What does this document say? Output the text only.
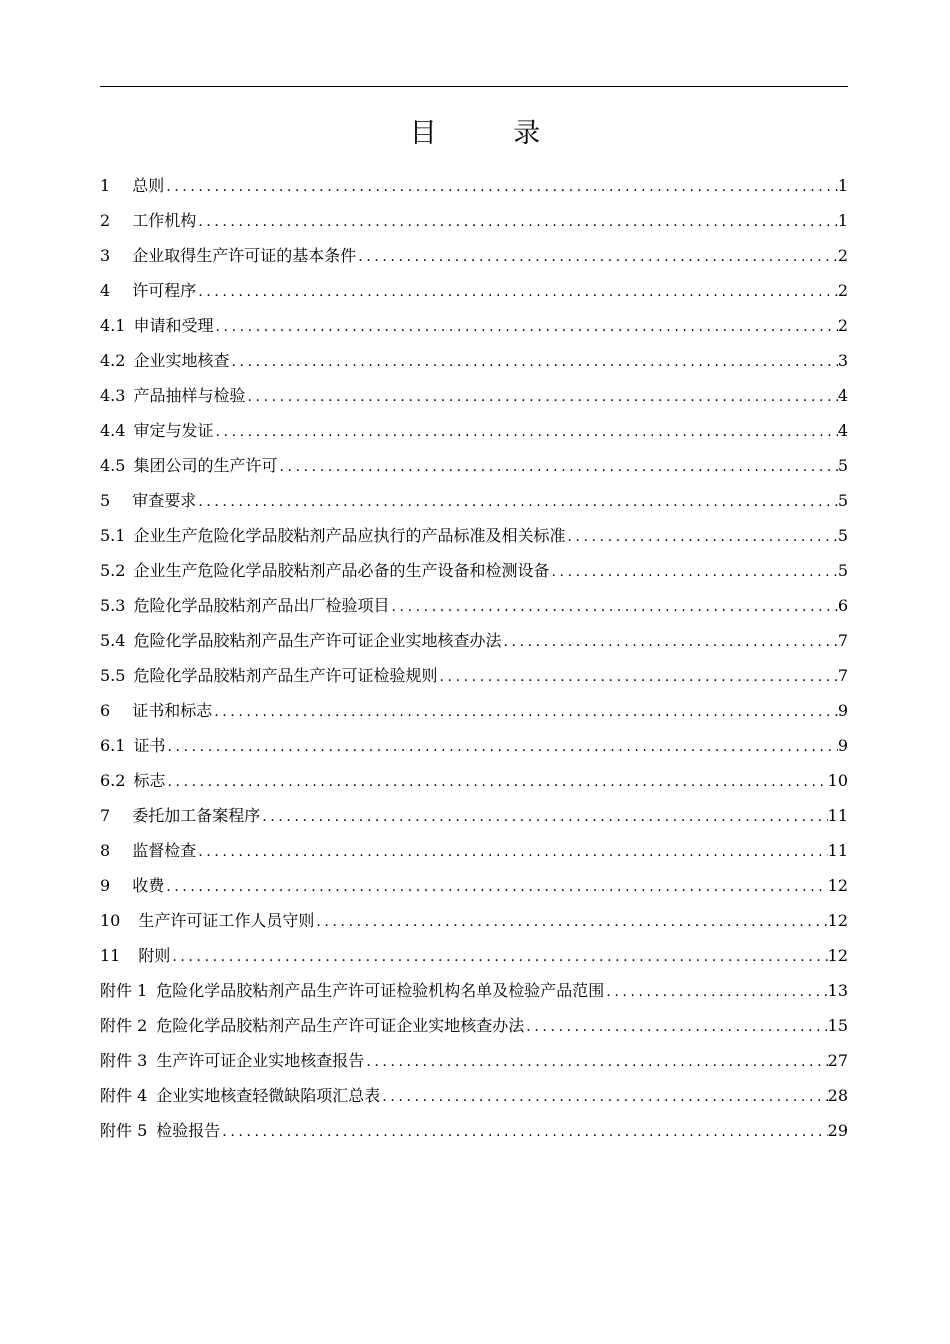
目 录
1 总则 .....	1
2 工作机构 .....	1
3 企业取得生产许可证的基本条件 .....	2
4 许可程序 .....	2
4.1 申请和受理 .....	2
4.2 企业实地核查 .....	3
4.3 产品抽样与检验 .....	4
4.4 审定与发证 .....	4
4.5 集团公司的生产许可 .....	5
5 审查要求 .....	5
5.1 企业生产危险化学品胶粘剂产品应执行的产品标准及相关标准 .....	5
5.2 企业生产危险化学品胶粘剂产品必备的生产设备和检测设备 .....	5
5.3 危险化学品胶粘剂产品出厂检验项目 .....	6
5.4 危险化学品胶粘剂产品生产许可证企业实地核查办法 .....	7
5.5 危险化学品胶粘剂产品生产许可证检验规则 .....	7
6 证书和标志 .....	9
6.1 证书 .....	9
6.2 标志 .....	10
7 委托加工备案程序 .....	11
8 监督检查 .....	11
9 收费 .....	12
10 生产许可证工作人员守则 .....	12
11 附则 .....	12
附件 1 危险化学品胶粘剂产品生产许可证检验机构名单及检验产品范围 .....	13
附件 2 危险化学品胶粘剂产品生产许可证企业实地核查办法 .....	15
附件 3 生产许可证企业实地核查报告 .....	27
附件 4 企业实地核查轻微缺陷项汇总表 .....	28
附件 5 检验报告 .....	29
